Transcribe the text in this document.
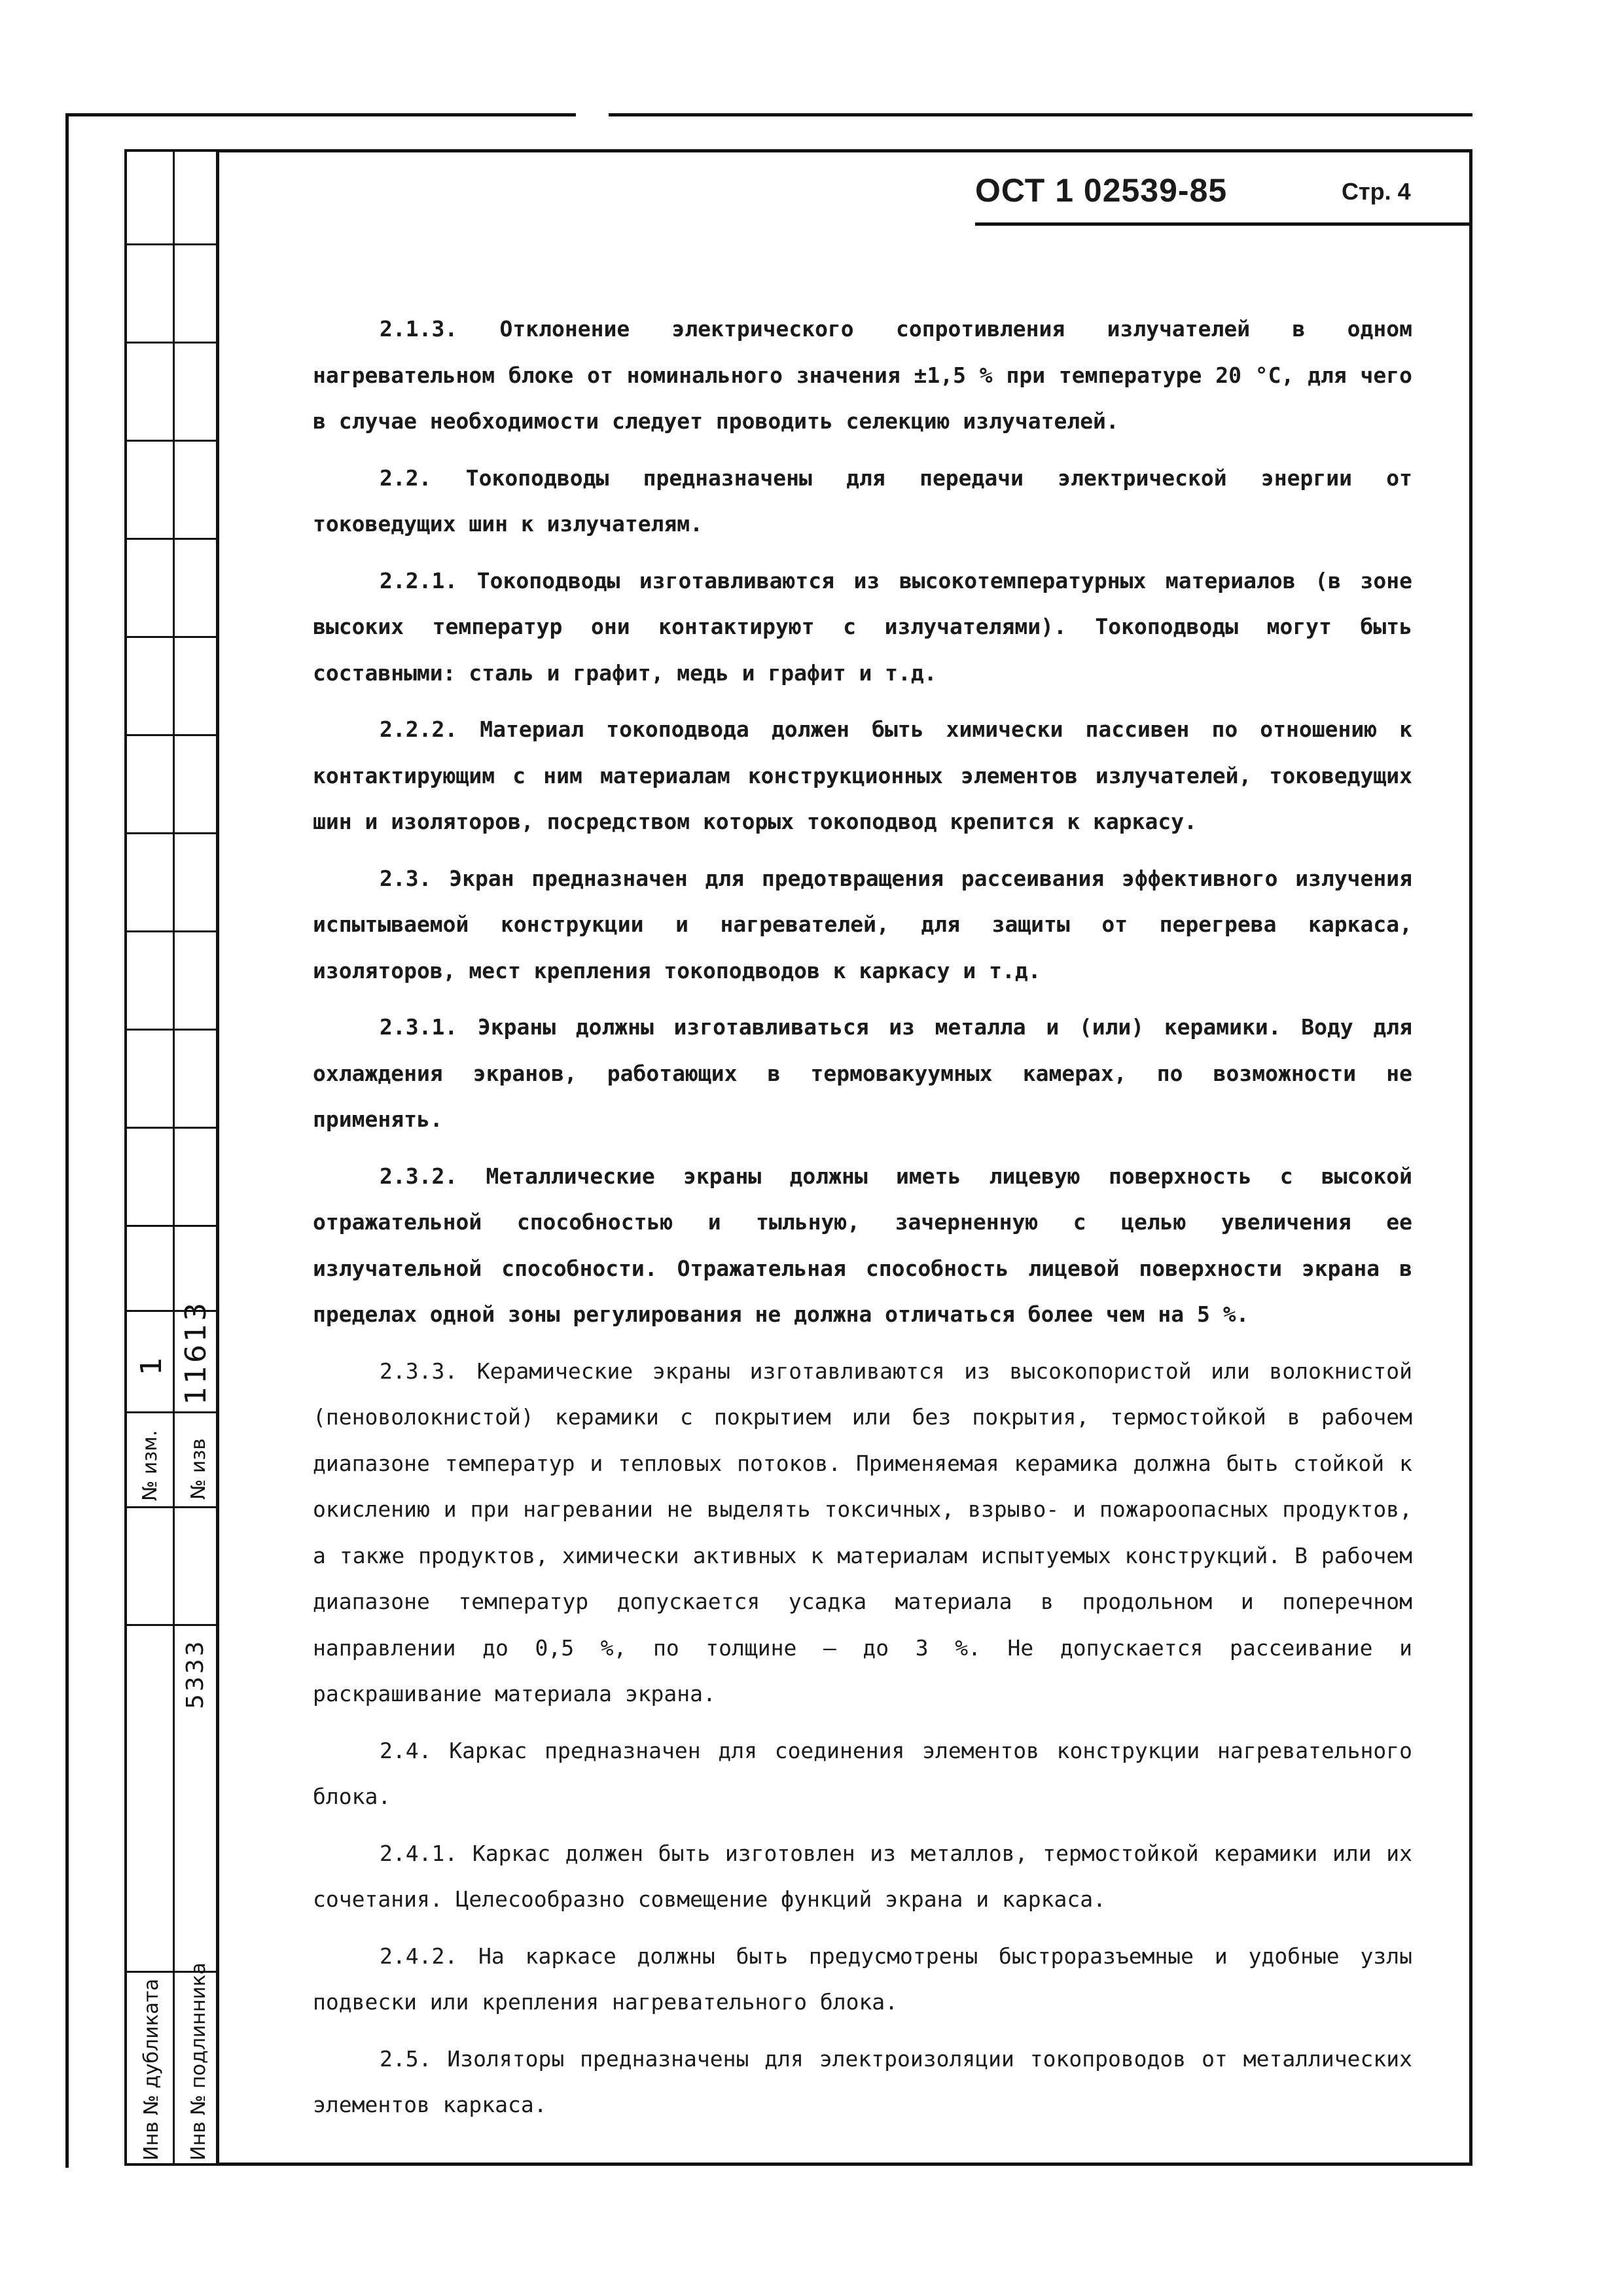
№ изм.
1
№ изв
11613
Инв № дубликата Инв № подлинника
5333
ОСТ 1 02539-85	Стр. 4

2.1.3. Отклонение электрического сопротивления излучателей в одном нагревательном блоке от номинального значения ±1,5 % при температуре 20 °C, для чего в случае необходимости следует проводить селекцию излучателей.

2.2. Токоподводы предназначены для передачи электрической энергии от токоведущих шин к излучателям.

2.2.1. Токоподводы изготавливаются из высокотемпературных материалов (в зоне высоких температур они контактируют с излучателями). Токоподводы могут быть составными: сталь и графит, медь и графит и т.д.

2.2.2. Материал токоподвода должен быть химически пассивен по отношению к контактирующим с ним материалам конструкционных элементов излучателей, токоведущих шин и изоляторов, посредством которых токоподвод крепится к каркасу.

2.3. Экран предназначен для предотвращения рассеивания эффективного излучения испытываемой конструкции и нагревателей, для защиты от перегрева каркаса, изоляторов, мест крепления токоподводов к каркасу и т.д.

2.3.1. Экраны должны изготавливаться из металла и (или) керамики. Воду для охлаждения экранов, работающих в термовакуумных камерах, по возможности не применять.

2.3.2. Металлические экраны должны иметь лицевую поверхность с высокой отражательной способностью и тыльную, зачерненную с целью увеличения ее излучательной способности. Отражательная способность лицевой поверхности экрана в пределах одной зоны регулирования не должна отличаться более чем на 5 %.

2.3.3. Керамические экраны изготавливаются из высокопористой или волокнистой (пеноволокнистой) керамики с покрытием или без покрытия, термостойкой в рабочем диапазоне температур и тепловых потоков. Применяемая керамика должна быть стойкой к окислению и при нагревании не выделять токсичных, взрыво- и пожароопасных продуктов, а также продуктов, химически активных к материалам испытуемых конструкций. В рабочем диапазоне температур допускается усадка материала в продольном и поперечном направлении до 0,5 %, по толщине – до 3 %. Не допускается рассеивание и раскрашивание материала экрана.

2.4. Каркас предназначен для соединения элементов конструкции нагревательного блока.

2.4.1. Каркас должен быть изготовлен из металлов, термостойкой керамики или их сочетания. Целесообразно совмещение функций экрана и каркаса.

2.4.2. На каркасе должны быть предусмотрены быстроразъемные и удобные узлы подвески или крепления нагревательного блока.

2.5. Изоляторы предназначены для электроизоляции токопроводов от металлических элементов каркаса.
